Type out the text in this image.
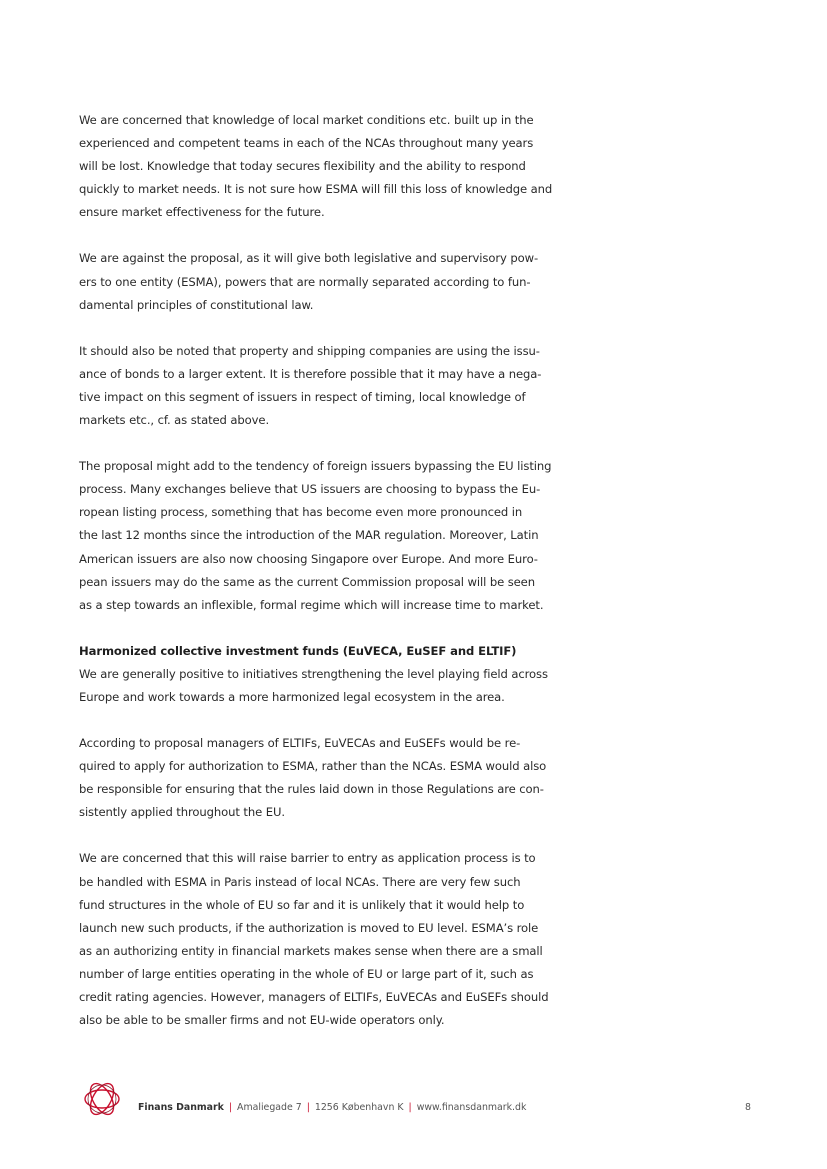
We are concerned that knowledge of local market conditions etc. built up in the
experienced and competent teams in each of the NCAs throughout many years
will be lost. Knowledge that today secures flexibility and the ability to respond
quickly to market needs. It is not sure how ESMA will fill this loss of knowledge and
ensure market effectiveness for the future.

We are against the proposal, as it will give both legislative and supervisory pow-
ers to one entity (ESMA), powers that are normally separated according to fun-
damental principles of constitutional law.

It should also be noted that property and shipping companies are using the issu-
ance of bonds to a larger extent. It is therefore possible that it may have a nega-
tive impact on this segment of issuers in respect of timing, local knowledge of
markets etc., cf. as stated above.

The proposal might add to the tendency of foreign issuers bypassing the EU listing
process. Many exchanges believe that US issuers are choosing to bypass the Eu-
ropean listing process, something that has become even more pronounced in
the last 12 months since the introduction of the MAR regulation. Moreover, Latin
American issuers are also now choosing Singapore over Europe. And more Euro-
pean issuers may do the same as the current Commission proposal will be seen
as a step towards an inflexible, formal regime which will increase time to market.

Harmonized collective investment funds (EuVECA, EuSEF and ELTIF)

We are generally positive to initiatives strengthening the level playing field across
Europe and work towards a more harmonized legal ecosystem in the area.

According to proposal managers of ELTIFs, EuVECAs and EuSEFs would be re-
quired to apply for authorization to ESMA, rather than the NCAs. ESMA would also
be responsible for ensuring that the rules laid down in those Regulations are con-
sistently applied throughout the EU.

We are concerned that this will raise barrier to entry as application process is to
be handled with ESMA in Paris instead of local NCAs. There are very few such
fund structures in the whole of EU so far and it is unlikely that it would help to
launch new such products, if the authorization is moved to EU level. ESMA’s role
as an authorizing entity in financial markets makes sense when there are a small
number of large entities operating in the whole of EU or large part of it, such as
credit rating agencies. However, managers of ELTIFs, EuVECAs and EuSEFs should
also be able to be smaller firms and not EU-wide operators only.

Finans Danmark | Amaliegade 7 | 1256 København K | www.finansdanmark.dk	8
